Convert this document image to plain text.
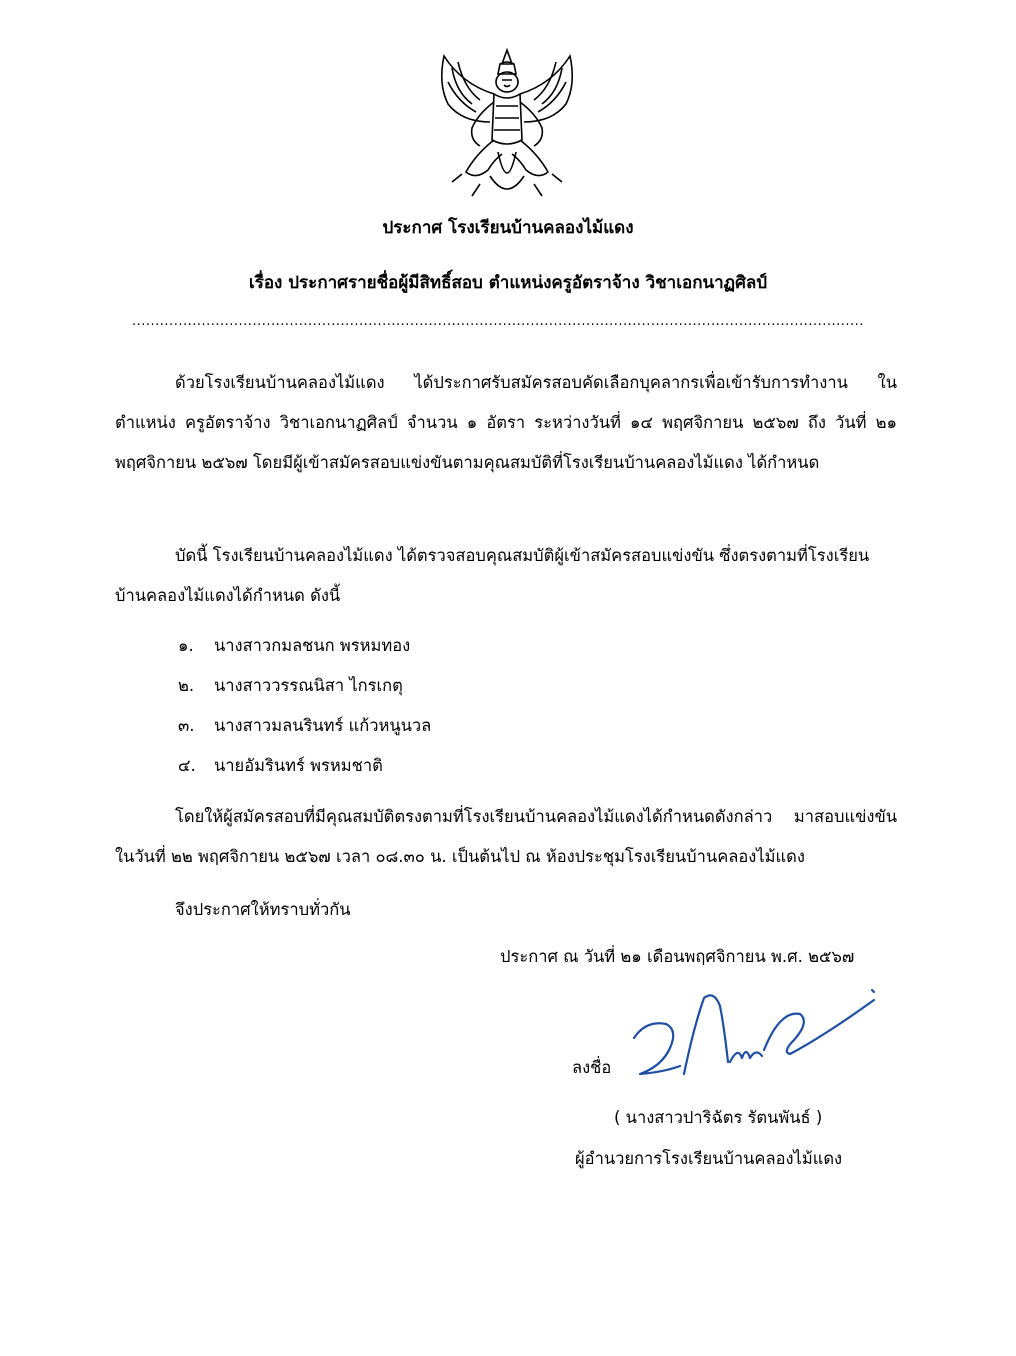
ประกาศ โรงเรียนบ้านคลองไม้แดง
เรื่อง ประกาศรายชื่อผู้มีสิทธิ์สอบ ตำแหน่งครูอัตราจ้าง วิชาเอกนาฏศิลป์
..............................................................................................................................................................
ด้วยโรงเรียนบ้านคลองไม้แดง ได้ประกาศรับสมัครสอบคัดเลือกบุคลากรเพื่อเข้ารับการทำงาน ในตำแหน่ง ครูอัตราจ้าง วิชาเอกนาฏศิลป์ จำนวน ๑ อัตรา ระหว่างวันที่ ๑๔ พฤศจิกายน ๒๕๖๗ ถึง วันที่ ๒๑ พฤศจิกายน ๒๕๖๗ โดยมีผู้เข้าสมัครสอบแข่งขันตามคุณสมบัติที่โรงเรียนบ้านคลองไม้แดง ได้กำหนด
บัดนี้ โรงเรียนบ้านคลองไม้แดง ได้ตรวจสอบคุณสมบัติผู้เข้าสมัครสอบแข่งขัน ซึ่งตรงตามที่โรงเรียน บ้านคลองไม้แดงได้กำหนด ดังนี้
๑.	นางสาวกมลชนก พรหมทอง
๒.	นางสาววรรณนิสา ไกรเกตุ
๓.	นางสาวมลนรินทร์ แก้วหนูนวล
๔.	นายอัมรินทร์ พรหมชาติ
โดยให้ผู้สมัครสอบที่มีคุณสมบัติตรงตามที่โรงเรียนบ้านคลองไม้แดงได้กำหนดดังกล่าว มาสอบแข่งขัน ในวันที่ ๒๒ พฤศจิกายน ๒๕๖๗ เวลา ๐๘.๓๐ น. เป็นต้นไป ณ ห้องประชุมโรงเรียนบ้านคลองไม้แดง
จึงประกาศให้ทราบทั่วกัน
ประกาศ ณ วันที่ ๒๑ เดือนพฤศจิกายน พ.ศ. ๒๕๖๗
ลงชื่อ
( นางสาวปาริฉัตร รัตนพันธ์ )
ผู้อำนวยการโรงเรียนบ้านคลองไม้แดง
